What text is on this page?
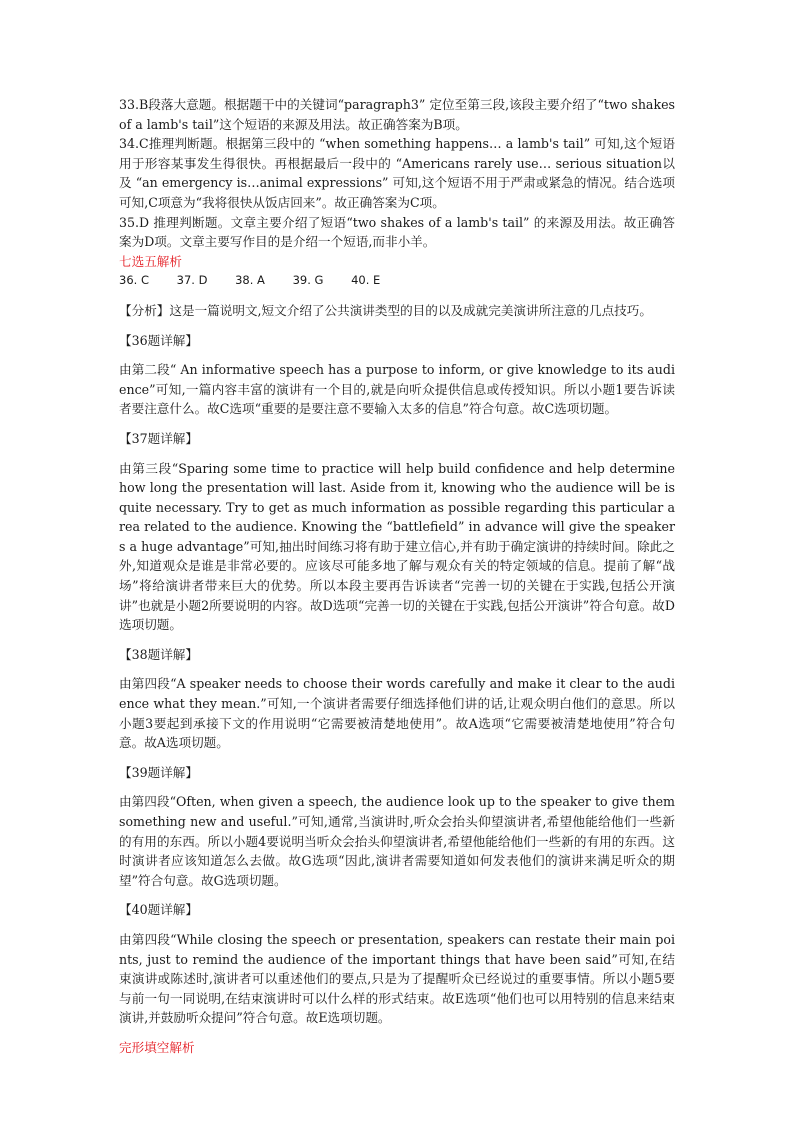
33.B段落大意题。根据题干中的关键词“paragraph3” 定位至第三段,该段主要介绍了“two shakes of a lamb's tail”这个短语的来源及用法。故正确答案为B项。

34.C推理判断题。根据第三段中的 “when something happens… a lamb's tail” 可知,这个短语用于形容某事发生得很快。再根据最后一段中的 “Americans rarely use… serious situation以及 “an emergency is…animal expressions” 可知,这个短语不用于严肃或紧急的情况。结合选项可知,C项意为“我将很快从饭店回来”。故正确答案为C项。

35.D 推理判断题。文章主要介绍了短语“two shakes of a lamb's tail” 的来源及用法。故正确答案为D项。文章主要写作目的是介绍一个短语,而非小羊。

七选五解析

36. C 37. D 38. A 39. G 40. E

【分析】这是一篇说明文,短文介绍了公共演讲类型的目的以及成就完美演讲所注意的几点技巧。

【36题详解】

由第二段“ An informative speech has a purpose to inform, or give knowledge to its audience”可知,一篇内容丰富的演讲有一个目的,就是向听众提供信息或传授知识。所以小题1要告诉读者要注意什么。故C选项“重要的是要注意不要输入太多的信息”符合句意。故C选项切题。

【37题详解】

由第三段“Sparing some time to practice will help build confidence and help determine how long the presentation will last. Aside from it, knowing who the audience will be is quite necessary. Try to get as much information as possible regarding this particular area related to the audience. Knowing the “battlefield” in advance will give the speakers a huge advantage”可知,抽出时间练习将有助于建立信心,并有助于确定演讲的持续时间。除此之外,知道观众是谁是非常必要的。应该尽可能多地了解与观众有关的特定领域的信息。提前了解“战场”将给演讲者带来巨大的优势。所以本段主要再告诉读者“完善一切的关键在于实践,包括公开演讲”也就是小题2所要说明的内容。故D选项“完善一切的关键在于实践,包括公开演讲”符合句意。故D选项切题。

【38题详解】

由第四段“A speaker needs to choose their words carefully and make it clear to the audience what they mean.”可知,一个演讲者需要仔细选择他们讲的话,让观众明白他们的意思。所以小题3要起到承接下文的作用说明“它需要被清楚地使用”。故A选项“它需要被清楚地使用”符合句意。故A选项切题。

【39题详解】

由第四段“Often, when given a speech, the audience look up to the speaker to give them something new and useful.”可知,通常,当演讲时,听众会抬头仰望演讲者,希望他能给他们一些新的有用的东西。所以小题4要说明当听众会抬头仰望演讲者,希望他能给他们一些新的有用的东西。这时演讲者应该知道怎么去做。故G选项“因此,演讲者需要知道如何发表他们的演讲来满足听众的期望”符合句意。故G选项切题。

【40题详解】

由第四段“While closing the speech or presentation, speakers can restate their main points, just to remind the audience of the important things that have been said”可知,在结束演讲或陈述时,演讲者可以重述他们的要点,只是为了提醒听众已经说过的重要事情。所以小题5要与前一句一同说明,在结束演讲时可以什么样的形式结束。故E选项“他们也可以用特别的信息来结束演讲,并鼓励听众提问”符合句意。故E选项切题。

完形填空解析
